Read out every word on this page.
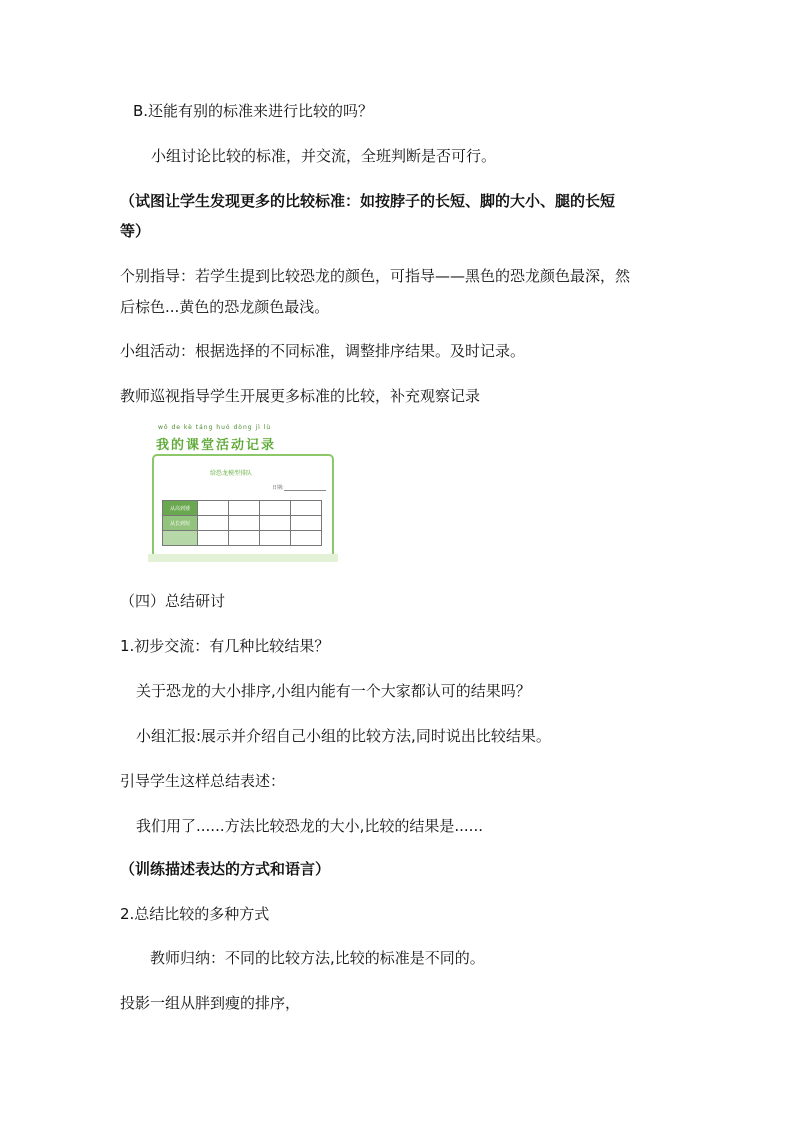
B.还能有别的标准来进行比较的吗？
小组讨论比较的标准，并交流，全班判断是否可行。
（试图让学生发现更多的比较标准：如按脖子的长短、脚的大小、腿的长短
等）
个别指导：若学生提到比较恐龙的颜色，可指导——黑色的恐龙颜色最深，然
后棕色...黄色的恐龙颜色最浅。
小组活动：根据选择的不同标准，调整排序结果。及时记录。
教师巡视指导学生开展更多标准的比较，补充观察记录
wǒ de kè táng huó dòng jì lù
我的课堂活动记录
给恐龙模型排队
日期:
从高到矮				
从长到短				

（四）总结研讨
1.初步交流：有几种比较结果？
关于恐龙的大小排序,小组内能有一个大家都认可的结果吗？
小组汇报:展示并介绍自己小组的比较方法,同时说出比较结果。
引导学生这样总结表述：
我们用了......方法比较恐龙的大小,比较的结果是......
（训练描述表达的方式和语言）
2.总结比较的多种方式
教师归纳：不同的比较方法,比较的标准是不同的。
投影一组从胖到瘦的排序，
